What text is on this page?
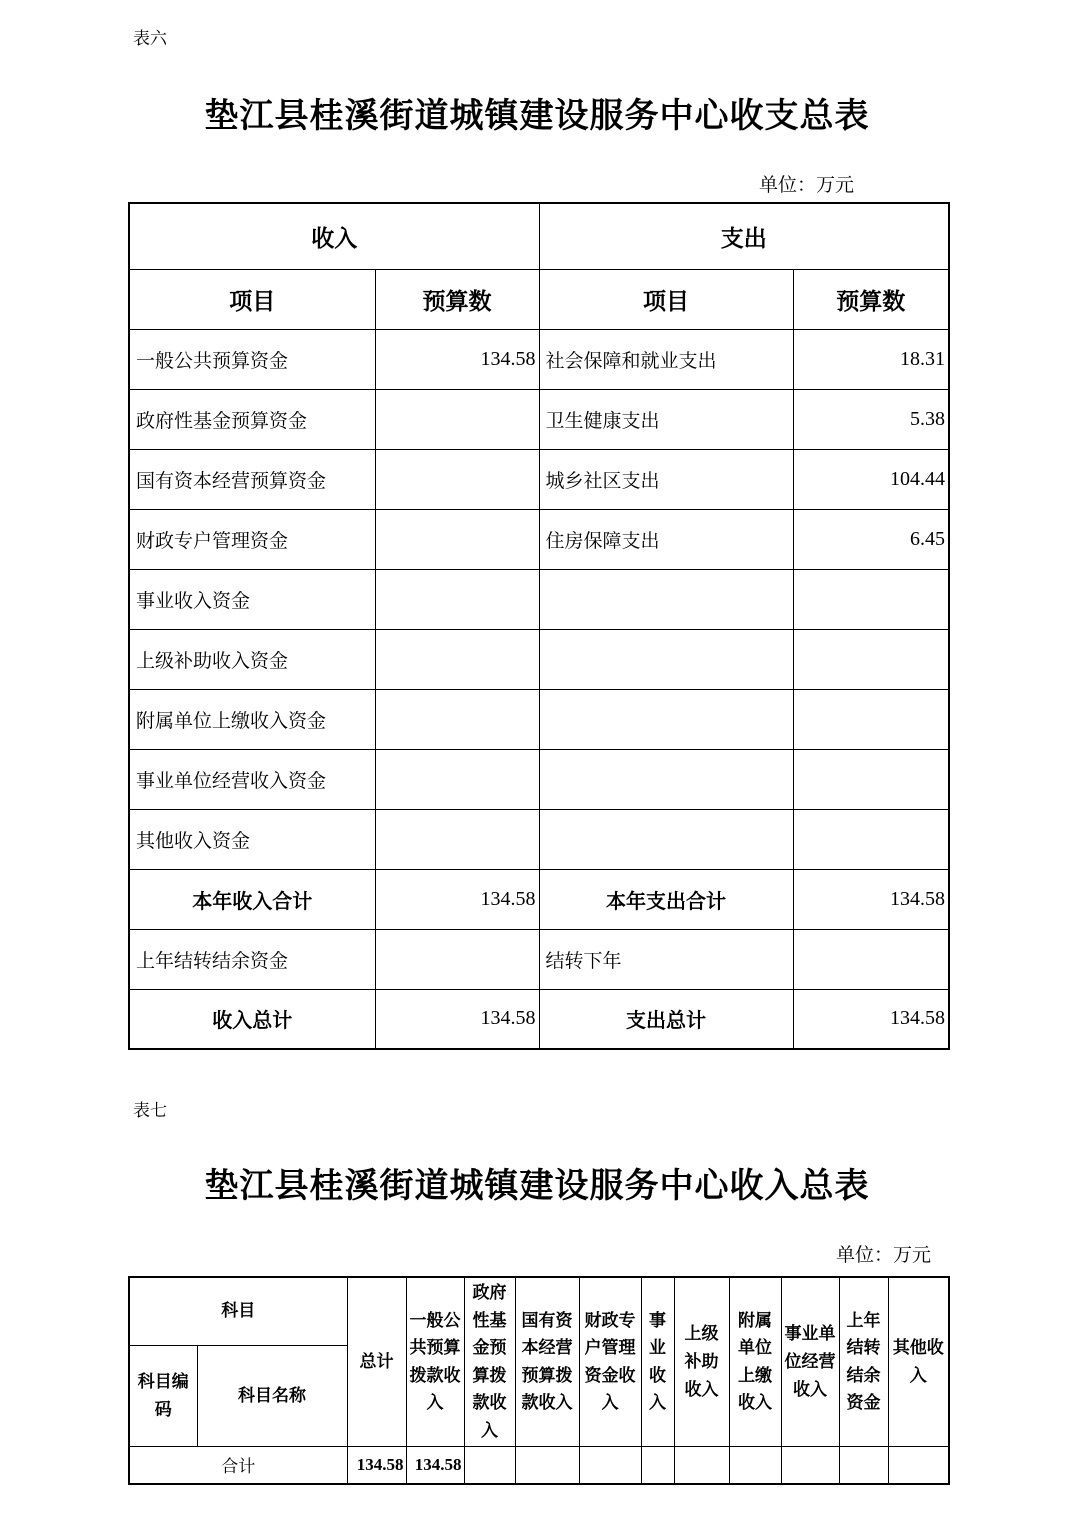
表六
垫江县桂溪街道城镇建设服务中心收支总表
单位：万元
收入		支出	
项目	预算数	项目	预算数
一般公共预算资金	134.58	社会保障和就业支出	18.31
政府性基金预算资金		卫生健康支出	5.38
国有资本经营预算资金		城乡社区支出	104.44
财政专户管理资金		住房保障支出	6.45
事业收入资金			
上级补助收入资金			
附属单位上缴收入资金			
事业单位经营收入资金			
其他收入资金			
本年收入合计	134.58	本年支出合计	134.58
上年结转结余资金		结转下年	
收入总计	134.58	支出总计	134.58
表七
垫江县桂溪街道城镇建设服务中心收入总表
单位：万元
科目		总计	一般公共预算拨款收入	政府性基金预算拨款收入	国有资本经营预算拨款收入	财政专户管理资金收入	事业收入	上级补助收入	附属单位上缴收入	事业单位经营收入	上年结转结余资金	其他收入
科目编码	科目名称											
合计		134.58	134.58									
